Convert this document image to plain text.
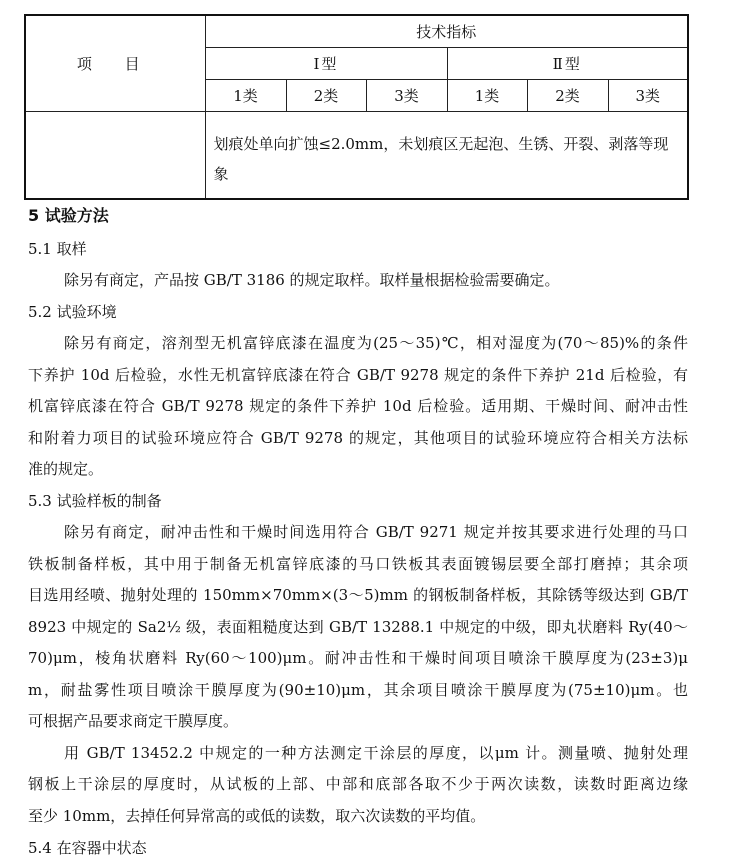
项 目	技术指标					
	Ⅰ型			Ⅱ型		
	1类	2类	3类	1类	2类	3类
	划痕处单向扩蚀≤2.0mm，未划痕区无起泡、生锈、开裂、剥落等现象					
5 试验方法
5.1 取样
除另有商定，产品按 GB/T 3186 的规定取样。取样量根据检验需要确定。
5.2 试验环境
除另有商定，溶剂型无机富锌底漆在温度为(25～35)℃，相对湿度为(70～85)%的条件
下养护 10d 后检验，水性无机富锌底漆在符合 GB/T 9278 规定的条件下养护 21d 后检验，有
机富锌底漆在符合 GB/T 9278 规定的条件下养护 10d 后检验。适用期、干燥时间、耐冲击性
和附着力项目的试验环境应符合 GB/T 9278 的规定，其他项目的试验环境应符合相关方法标
准的规定。
5.3 试验样板的制备
除另有商定，耐冲击性和干燥时间选用符合 GB/T 9271 规定并按其要求进行处理的马口
铁板制备样板，其中用于制备无机富锌底漆的马口铁板其表面镀锡层要全部打磨掉；其余项
目选用经喷、抛射处理的 150mm×70mm×(3～5)mm 的钢板制备样板，其除锈等级达到 GB/T
8923 中规定的 Sa2½ 级，表面粗糙度达到 GB/T 13288.1 中规定的中级，即丸状磨料 Ry(40～
70)μm，棱角状磨料 Ry(60～100)μm。耐冲击性和干燥时间项目喷涂干膜厚度为(23±3)μ
m，耐盐雾性项目喷涂干膜厚度为(90±10)μm，其余项目喷涂干膜厚度为(75±10)μm。也
可根据产品要求商定干膜厚度。
用 GB/T 13452.2 中规定的一种方法测定干涂层的厚度，以μm 计。测量喷、抛射处理
钢板上干涂层的厚度时，从试板的上部、中部和底部各取不少于两次读数，读数时距离边缘
至少 10mm，去掉任何异常高的或低的读数，取六次读数的平均值。
5.4 在容器中状态
